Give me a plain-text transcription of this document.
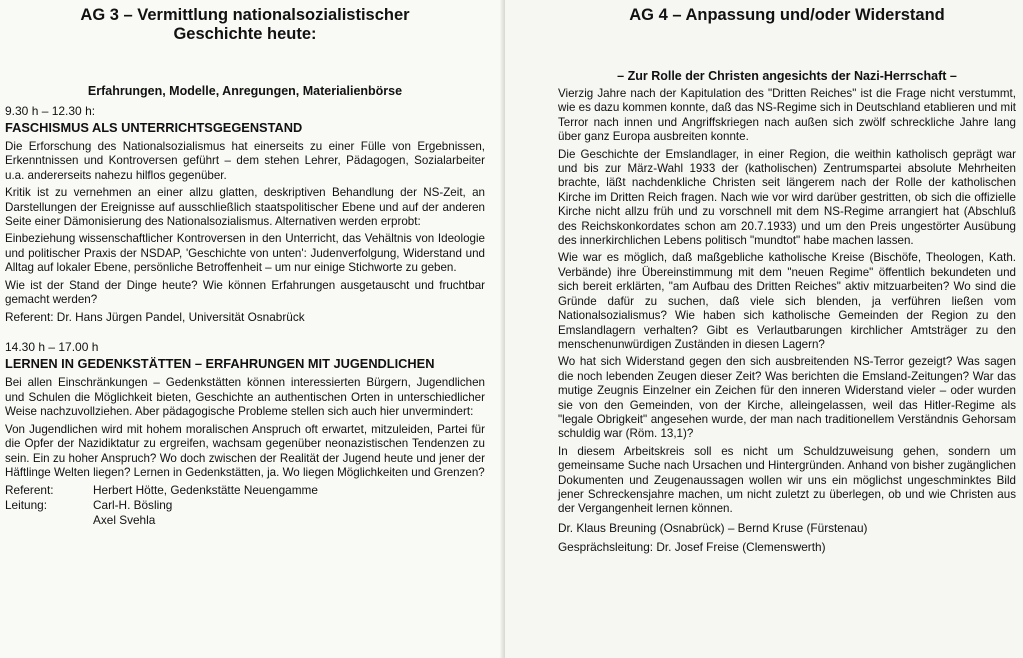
AG 3 – Vermittlung nationalsozialistischer

Geschichte heute:

Erfahrungen, Modelle, Anregungen, Materialienbörse

9.30 h – 12.30 h:

FASCHISMUS ALS UNTERRICHTSGEGENSTAND

Die Erforschung des Nationalsozialismus hat einerseits zu einer Fülle von Ergebnissen, Erkenntnissen und Kontroversen geführt – dem stehen Lehrer, Pädagogen, Sozialarbeiter u.a. andererseits nahezu hilflos gegenüber.

Kritik ist zu vernehmen an einer allzu glatten, deskriptiven Behandlung der NS-Zeit, an Darstellungen der Ereignisse auf ausschließlich staatspolitischer Ebene und auf der anderen Seite einer Dämonisierung des Nationalsozialismus. Alternativen werden erprobt:

Einbeziehung wissenschaftlicher Kontroversen in den Unterricht, das Vehältnis von Ideologie und politischer Praxis der NSDAP, 'Geschichte von unten': Judenverfolgung, Widerstand und Alltag auf lokaler Ebene, persönliche Betroffenheit – um nur einige Stichworte zu geben.

Wie ist der Stand der Dinge heute? Wie können Erfahrungen ausgetauscht und fruchtbar gemacht werden?

Referent: Dr. Hans Jürgen Pandel, Universität Osnabrück

14.30 h – 17.00 h

LERNEN IN GEDENKSTÄTTEN – ERFAHRUNGEN MIT JUGENDLICHEN

Bei allen Einschränkungen – Gedenkstätten können interessierten Bürgern, Jugendlichen und Schulen die Möglichkeit bieten, Geschichte an authentischen Orten in unterschiedlicher Weise nachzuvollziehen. Aber pädagogische Probleme stellen sich auch hier unvermindert:

Von Jugendlichen wird mit hohem moralischen Anspruch oft erwartet, mitzuleiden, Partei für die Opfer der Nazidiktatur zu ergreifen, wachsam gegenüber neonazistischen Tendenzen zu sein. Ein zu hoher Anspruch? Wo doch zwischen der Realität der Jugend heute und jener der Häftlinge Welten liegen? Lernen in Gedenkstätten, ja. Wo liegen Möglichkeiten und Grenzen?

Referent:	Herbert Hötte, Gedenkstätte Neuengamme
Leitung:	Carl-H. Bösling
	Axel Svehla

AG 4 – Anpassung und/oder Widerstand

– Zur Rolle der Christen angesichts der Nazi-Herrschaft –

Vierzig Jahre nach der Kapitulation des "Dritten Reiches" ist die Frage nicht verstummt, wie es dazu kommen konnte, daß das NS-Regime sich in Deutschland etablieren und mit Terror nach innen und Angriffskriegen nach außen sich zwölf schreckliche Jahre lang über ganz Europa ausbreiten konnte.

Die Geschichte der Emslandlager, in einer Region, die weithin katholisch geprägt war und bis zur März-Wahl 1933 der (katholischen) Zentrumspartei absolute Mehrheiten brachte, läßt nachdenkliche Christen seit längerem nach der Rolle der katholischen Kirche im Dritten Reich fragen. Nach wie vor wird darüber gestritten, ob sich die offizielle Kirche nicht allzu früh und zu vorschnell mit dem NS-Regime arrangiert hat (Abschluß des Reichskonkordates schon am 20.7.1933) und um den Preis ungestörter Ausübung des innerkirchlichen Lebens politisch "mundtot" habe machen lassen.

Wie war es möglich, daß maßgebliche katholische Kreise (Bischöfe, Theologen, Kath. Verbände) ihre Übereinstimmung mit dem "neuen Regime" öffentlich bekundeten und sich bereit erklärten, "am Aufbau des Dritten Reiches" aktiv mitzuarbeiten? Wo sind die Gründe dafür zu suchen, daß viele sich blenden, ja verführen ließen vom Nationalsozialismus? Wie haben sich katholische Gemeinden der Region zu den Emslandlagern verhalten? Gibt es Verlautbarungen kirchlicher Amtsträger zu den menschenunwürdigen Zuständen in diesen Lagern?

Wo hat sich Widerstand gegen den sich ausbreitenden NS-Terror gezeigt? Was sagen die noch lebenden Zeugen dieser Zeit? Was berichten die Emsland-Zeitungen? War das mutige Zeugnis Einzelner ein Zeichen für den inneren Widerstand vieler – oder wurden sie von den Gemeinden, von der Kirche, alleingelassen, weil das Hitler-Regime als "legale Obrigkeit" angesehen wurde, der man nach traditionellem Verständnis Gehorsam schuldig war (Röm. 13,1)?

In diesem Arbeitskreis soll es nicht um Schuldzuweisung gehen, sondern um gemeinsame Suche nach Ursachen und Hintergründen. Anhand von bisher zugänglichen Dokumenten und Zeugenaussagen wollen wir uns ein möglichst ungeschminktes Bild jener Schreckensjahre machen, um nicht zuletzt zu überlegen, ob und wie Christen aus der Vergangenheit lernen können.

Dr. Klaus Breuning (Osnabrück) – Bernd Kruse (Fürstenau)

Gesprächsleitung: Dr. Josef Freise (Clemenswerth)
